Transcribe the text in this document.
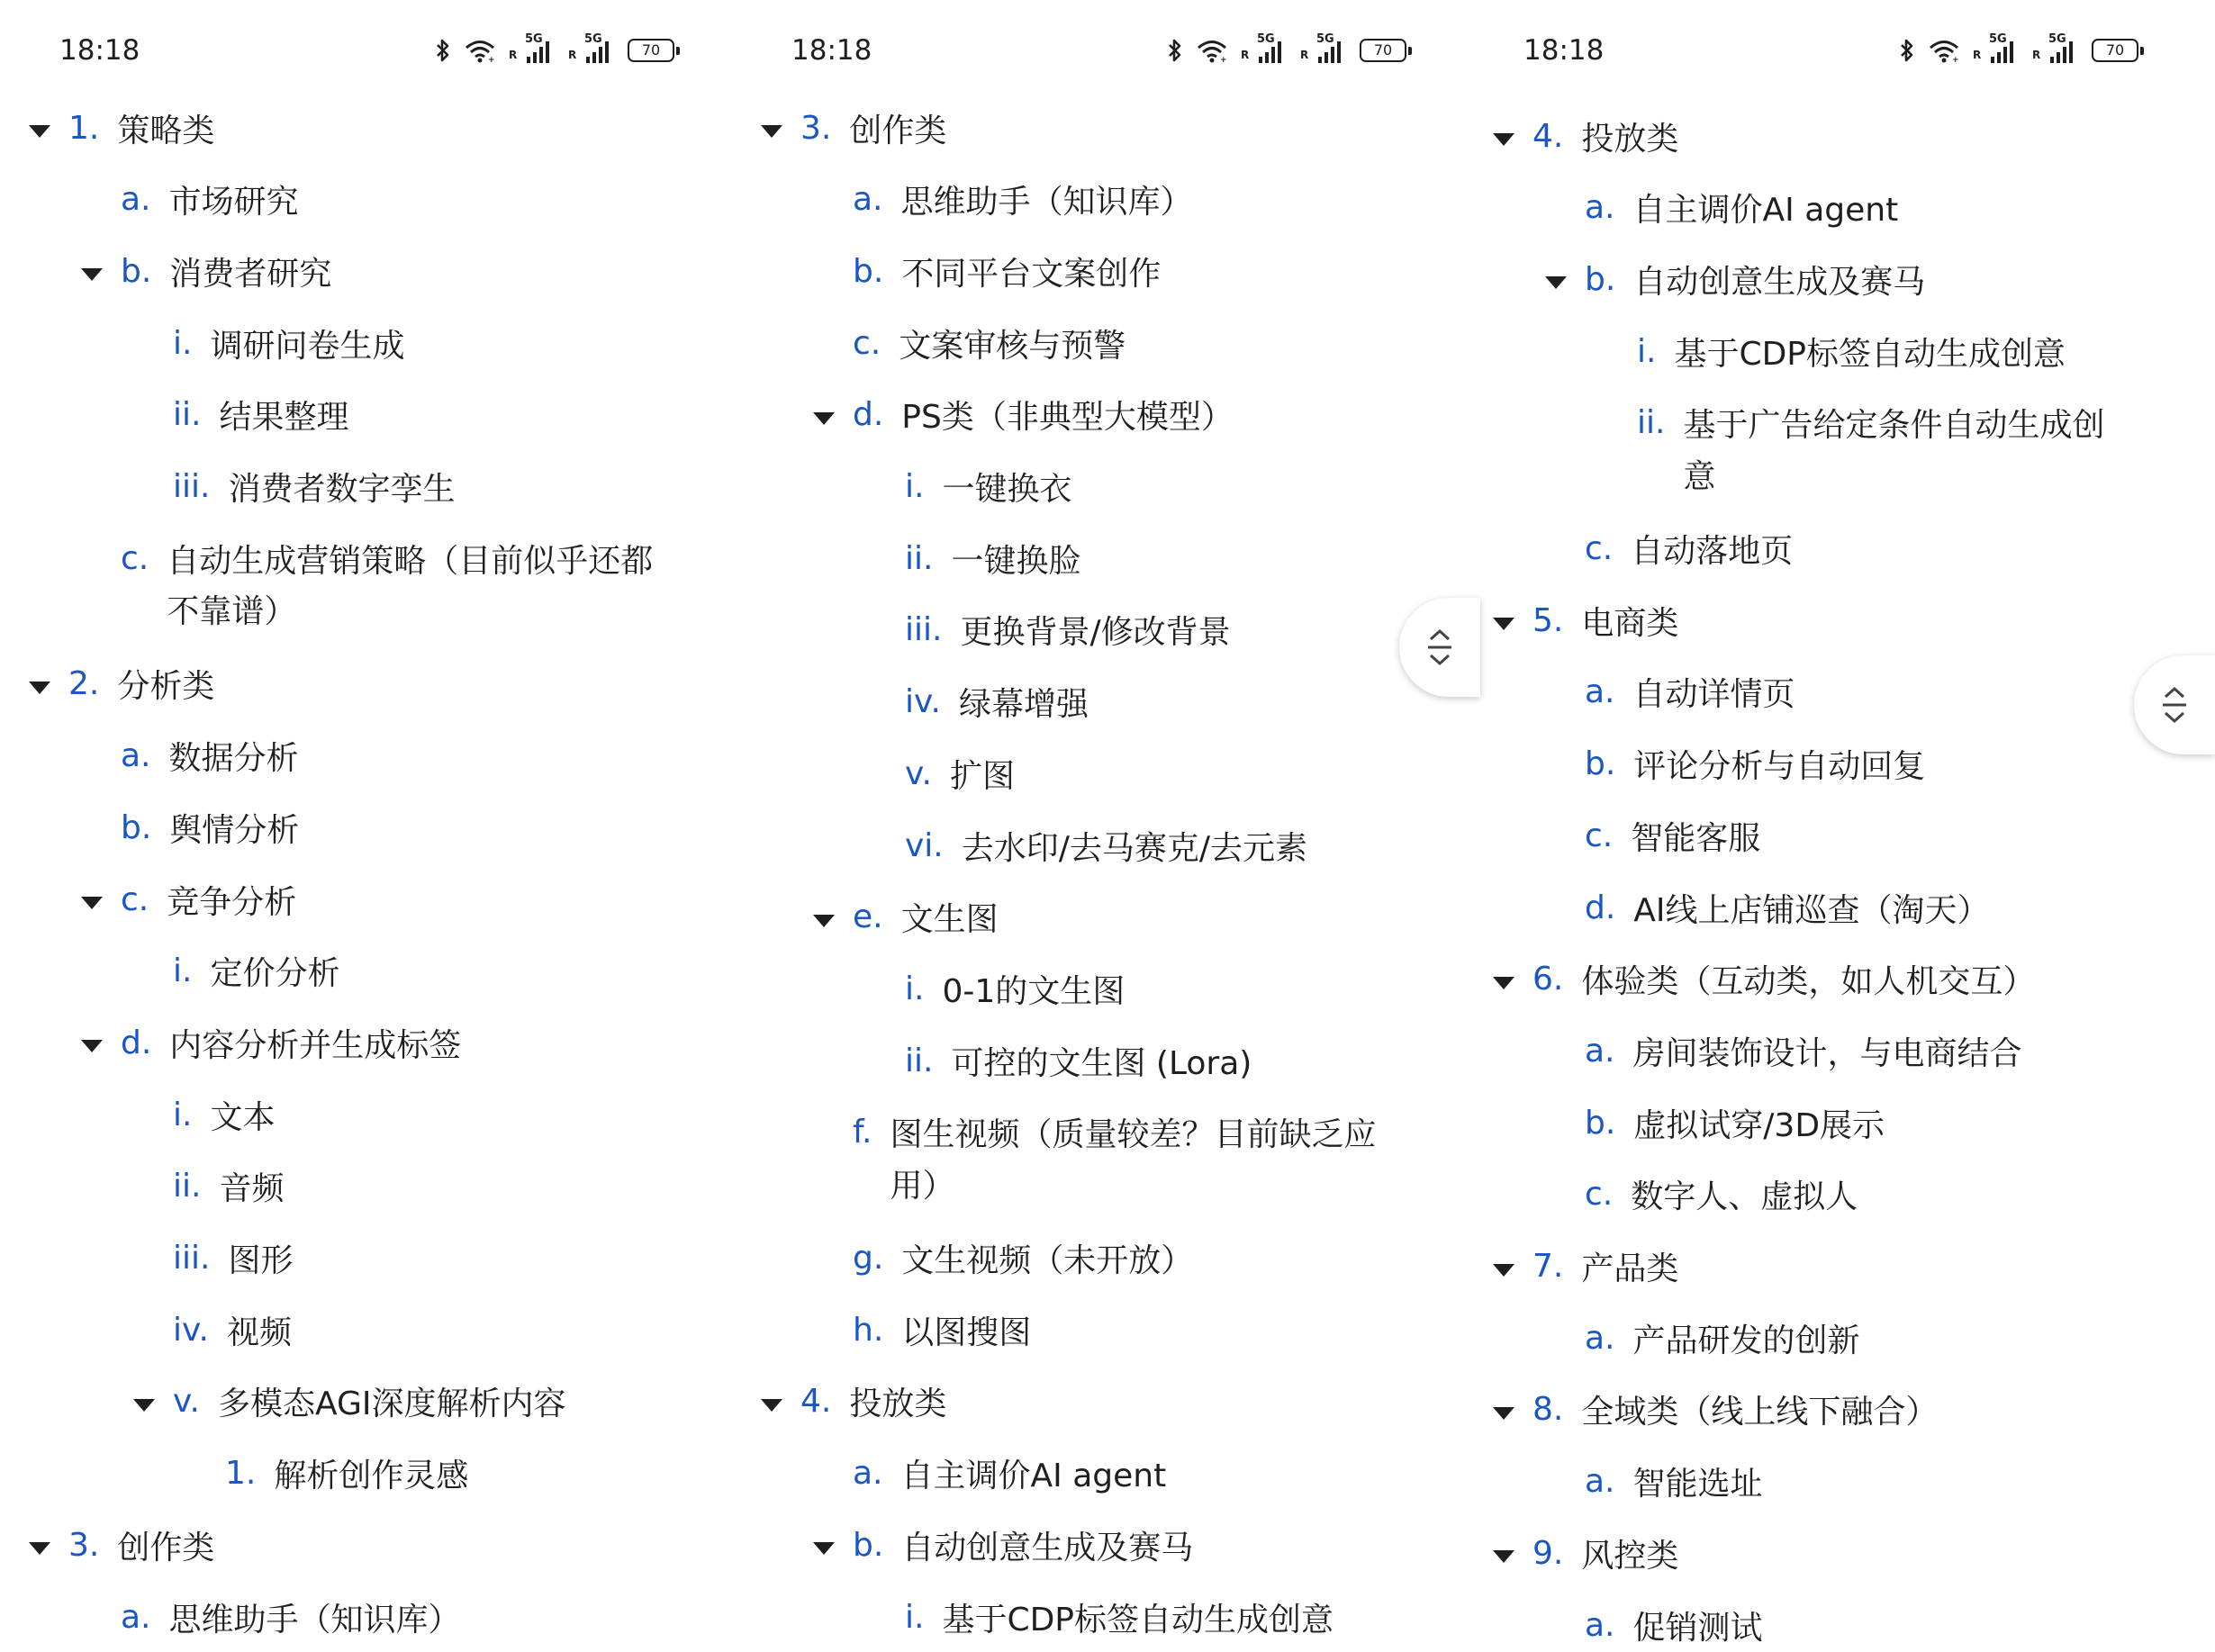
18:18	+ R
5G
R
5G
70
1. 策略类
a. 市场研究
b. 消费者研究
i. 调研问卷生成
ii. 结果整理
iii. 消费者数字孪生
c. 自动生成营销策略（目前似乎还都
不靠谱）
2. 分析类
a. 数据分析
b. 舆情分析
c. 竞争分析
i. 定价分析
d. 内容分析并生成标签
i. 文本
ii. 音频
iii. 图形
iv. 视频
v. 多模态AGI深度解析内容
1. 解析创作灵感
3. 创作类
a. 思维助手（知识库）
18:18	+ R
5G
R
5G
70
3. 创作类
a. 思维助手（知识库）
b. 不同平台文案创作
c. 文案审核与预警
d. PS类（非典型大模型）
i. 一键换衣
ii. 一键换脸
iii. 更换背景/修改背景
iv. 绿幕增强
v. 扩图
vi. 去水印/去马赛克/去元素
e. 文生图
i. 0-1的文生图
ii. 可控的文生图 (Lora)
f. 图生视频（质量较差？目前缺乏应
用）
g. 文生视频（未开放）
h. 以图搜图
4. 投放类
a. 自主调价AI agent
b. 自动创意生成及赛马
i. 基于CDP标签自动生成创意
18:18	+ R
5G
R
5G
70
4. 投放类
a. 自主调价AI agent
b. 自动创意生成及赛马
i. 基于CDP标签自动生成创意
ii. 基于广告给定条件自动生成创
意
c. 自动落地页
5. 电商类
a. 自动详情页
b. 评论分析与自动回复
c. 智能客服
d. AI线上店铺巡查（淘天）
6. 体验类（互动类，如人机交互）
a. 房间装饰设计，与电商结合
b. 虚拟试穿/3D展示
c. 数字人、虚拟人
7. 产品类
a. 产品研发的创新
8. 全域类（线上线下融合）
a. 智能选址
9. 风控类
a. 促销测试
